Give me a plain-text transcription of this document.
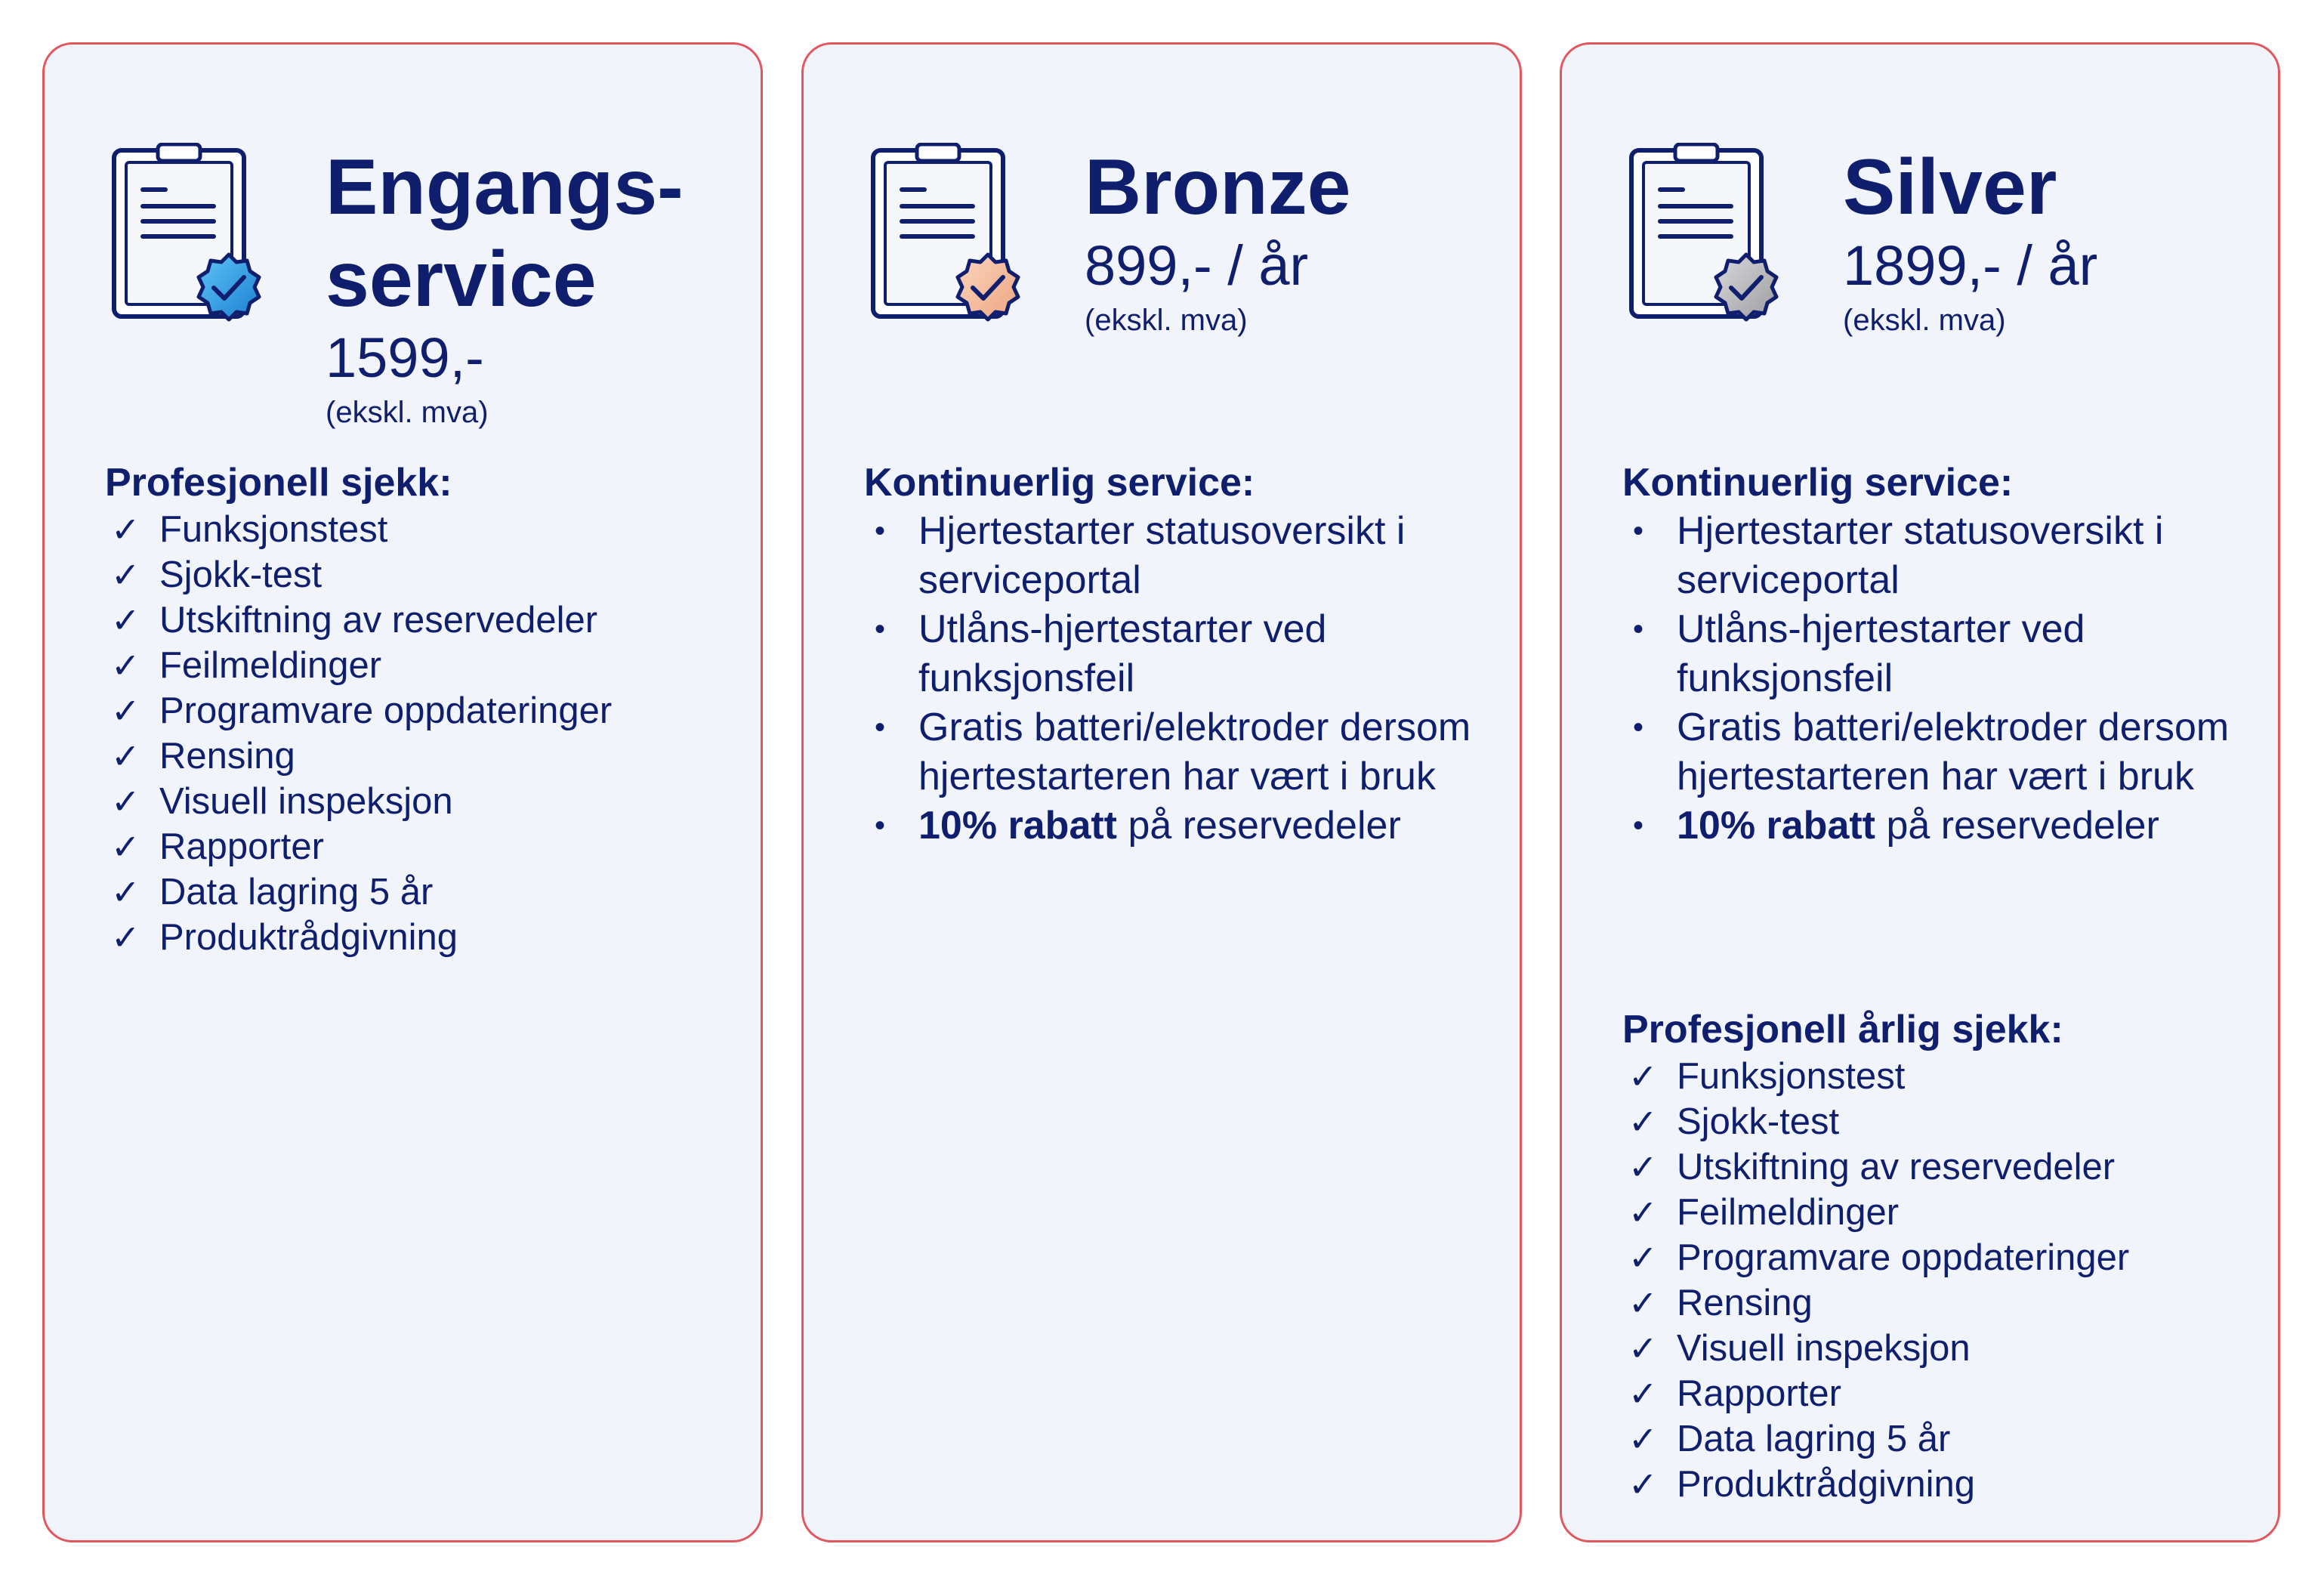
Engangs-
service
1599,-
(ekskl. mva)
Profesjonell sjekk:
✓ Funksjonstest
✓ Sjokk-test
✓ Utskiftning av reservedeler
✓ Feilmeldinger
✓ Programvare oppdateringer
✓ Rensing
✓ Visuell inspeksjon
✓ Rapporter
✓ Data lagring 5 år
✓ Produktrådgivning
Bronze
899,- / år
(ekskl. mva)
Kontinuerlig service:
• Hjertestarter statusoversikt i serviceportal
• Utlåns-hjertestarter ved funksjonsfeil
• Gratis batteri/elektroder dersom hjertestarteren har vært i bruk
• 10% rabatt på reservedeler
Silver
1899,- / år
(ekskl. mva)
Kontinuerlig service:
• Hjertestarter statusoversikt i serviceportal
• Utlåns-hjertestarter ved funksjonsfeil
• Gratis batteri/elektroder dersom hjertestarteren har vært i bruk
• 10% rabatt på reservedeler
Profesjonell årlig sjekk:
✓ Funksjonstest
✓ Sjokk-test
✓ Utskiftning av reservedeler
✓ Feilmeldinger
✓ Programvare oppdateringer
✓ Rensing
✓ Visuell inspeksjon
✓ Rapporter
✓ Data lagring 5 år
✓ Produktrådgivning
